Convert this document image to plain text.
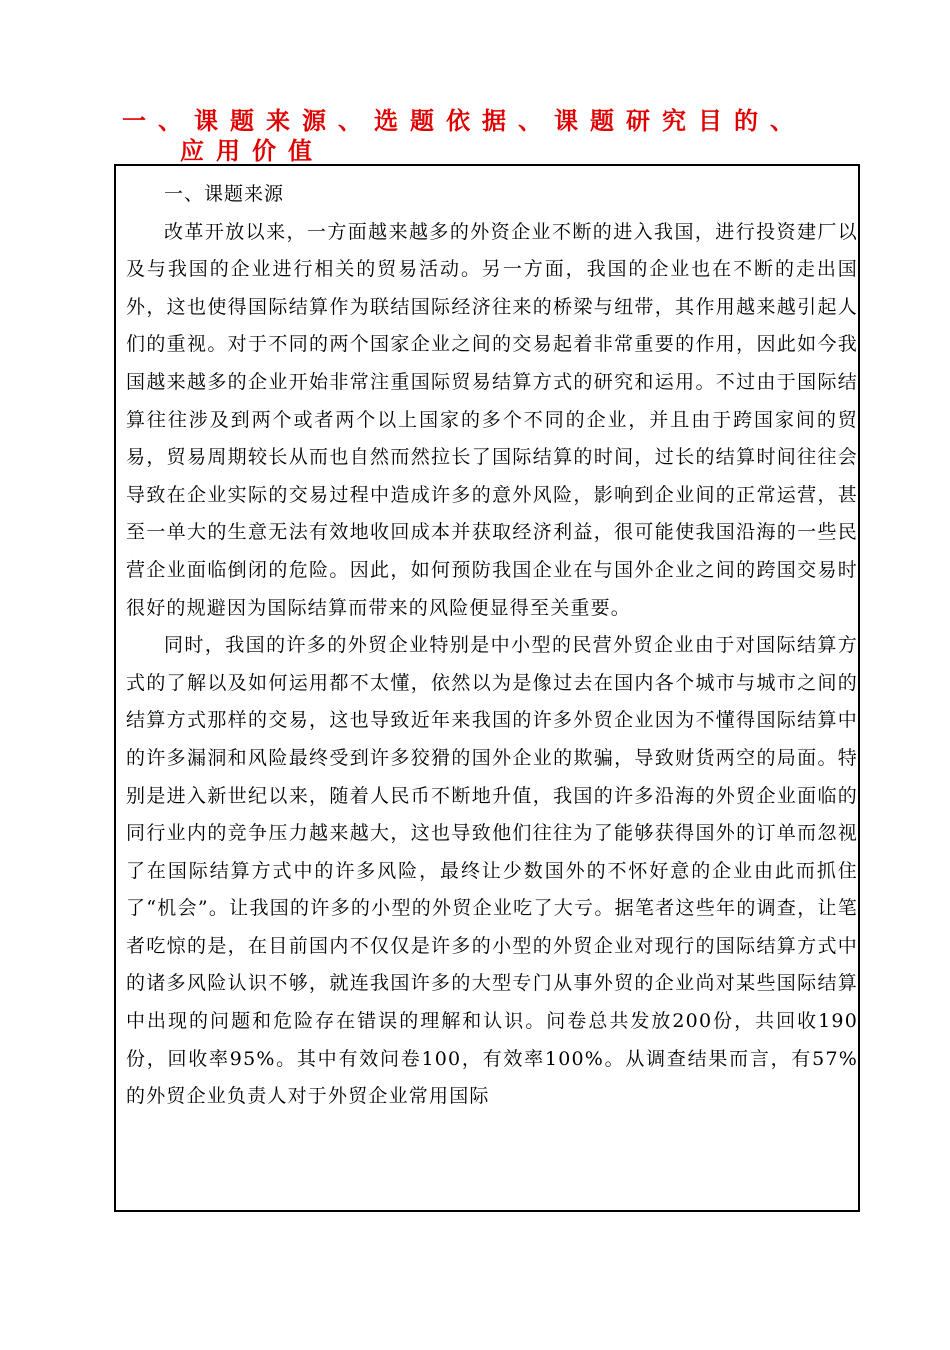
一、课题来源、选题依据、课题研究目的、
应用价值

一、课题来源

改革开放以来，一方面越来越多的外资企业不断的进入我国，进行投资建厂以及与我国的企业进行相关的贸易活动。另一方面，我国的企业也在不断的走出国外，这也使得国际结算作为联结国际经济往来的桥梁与纽带，其作用越来越引起人们的重视。对于不同的两个国家企业之间的交易起着非常重要的作用，因此如今我国越来越多的企业开始非常注重国际贸易结算方式的研究和运用。不过由于国际结算往往涉及到两个或者两个以上国家的多个不同的企业，并且由于跨国家间的贸易，贸易周期较长从而也自然而然拉长了国际结算的时间，过长的结算时间往往会导致在企业实际的交易过程中造成许多的意外风险，影响到企业间的正常运营，甚至一单大的生意无法有效地收回成本并获取经济利益，很可能使我国沿海的一些民营企业面临倒闭的危险。因此，如何预防我国企业在与国外企业之间的跨国交易时很好的规避因为国际结算而带来的风险便显得至关重要。

同时，我国的许多的外贸企业特别是中小型的民营外贸企业由于对国际结算方式的了解以及如何运用都不太懂，依然以为是像过去在国内各个城市与城市之间的结算方式那样的交易，这也导致近年来我国的许多外贸企业因为不懂得国际结算中的许多漏洞和风险最终受到许多狡猾的国外企业的欺骗，导致财货两空的局面。特别是进入新世纪以来，随着人民币不断地升值，我国的许多沿海的外贸企业面临的同行业内的竞争压力越来越大，这也导致他们往往为了能够获得国外的订单而忽视了在国际结算方式中的许多风险，最终让少数国外的不怀好意的企业由此而抓住了“机会”。让我国的许多的小型的外贸企业吃了大亏。据笔者这些年的调查，让笔者吃惊的是，在目前国内不仅仅是许多的小型的外贸企业对现行的国际结算方式中的诸多风险认识不够，就连我国许多的大型专门从事外贸的企业尚对某些国际结算中出现的问题和危险存在错误的理解和认识。问卷总共发放200份，共回收190份，回收率95%。其中有效问卷100，有效率100%。从调查结果而言，有57%的外贸企业负责人对于外贸企业常用国际
